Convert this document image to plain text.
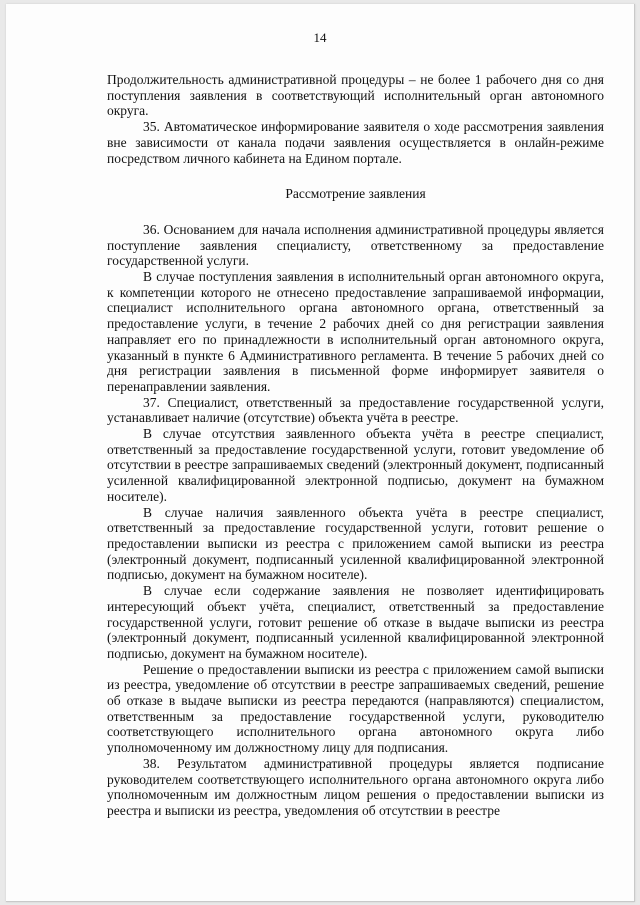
14

Продолжительность административной процедуры – не более 1 рабочего дня со дня поступления заявления в соответствующий исполнительный орган автономного округа.

35. Автоматическое информирование заявителя о ходе рассмотрения заявления вне зависимости от канала подачи заявления осуществляется в онлайн-режиме посредством личного кабинета на Едином портале.

Рассмотрение заявления

36. Основанием для начала исполнения административной процедуры является поступление заявления специалисту, ответственному за предоставление государственной услуги.

В случае поступления заявления в исполнительный орган автономного округа, к компетенции которого не отнесено предоставление запрашиваемой информации, специалист исполнительного органа автономного органа, ответственный за предоставление услуги, в течение 2 рабочих дней со дня регистрации заявления направляет его по принадлежности в исполнительный орган автономного округа, указанный в пункте 6 Административного регламента. В течение 5 рабочих дней со дня регистрации заявления в письменной форме информирует заявителя о перенаправлении заявления.

37. Специалист, ответственный за предоставление государственной услуги, устанавливает наличие (отсутствие) объекта учёта в реестре.

В случае отсутствия заявленного объекта учёта в реестре специалист, ответственный за предоставление государственной услуги, готовит уведомление об отсутствии в реестре запрашиваемых сведений (электронный документ, подписанный усиленной квалифицированной электронной подписью, документ на бумажном носителе).

В случае наличия заявленного объекта учёта в реестре специалист, ответственный за предоставление государственной услуги, готовит решение о предоставлении выписки из реестра с приложением самой выписки из реестра (электронный документ, подписанный усиленной квалифицированной электронной подписью, документ на бумажном носителе).

В случае если содержание заявления не позволяет идентифицировать интересующий объект учёта, специалист, ответственный за предоставление государственной услуги, готовит решение об отказе в выдаче выписки из реестра (электронный документ, подписанный усиленной квалифицированной электронной подписью, документ на бумажном носителе).

Решение о предоставлении выписки из реестра с приложением самой выписки из реестра, уведомление об отсутствии в реестре запрашиваемых сведений, решение об отказе в выдаче выписки из реестра передаются (направляются) специалистом, ответственным за предоставление государственной услуги, руководителю соответствующего исполнительного органа автономного округа либо уполномоченному им должностному лицу для подписания.

38. Результатом административной процедуры является подписание руководителем соответствующего исполнительного органа автономного округа либо уполномоченным им должностным лицом решения о предоставлении выписки из реестра и выписки из реестра, уведомления об отсутствии в реестре
